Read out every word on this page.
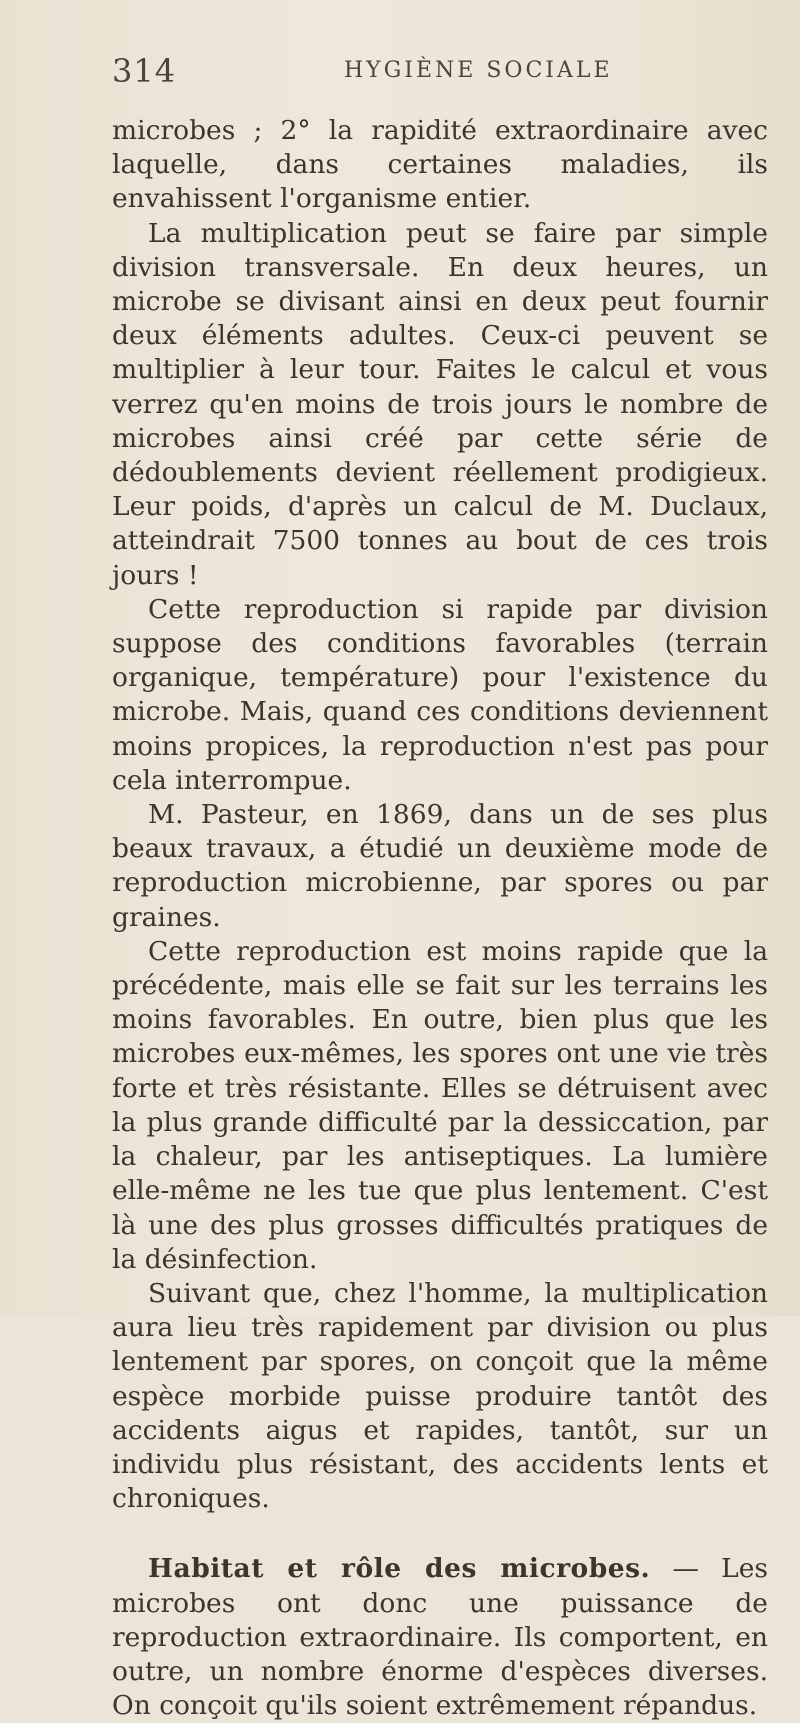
314	HYGIÈNE SOCIALE

microbes ; 2° la rapidité extraordinaire avec laquelle, dans certaines maladies, ils envahissent l'organisme entier.

La multiplication peut se faire par simple division transversale. En deux heures, un microbe se divisant ainsi en deux peut fournir deux éléments adultes. Ceux-ci peuvent se multiplier à leur tour. Faites le calcul et vous verrez qu'en moins de trois jours le nombre de microbes ainsi créé par cette série de dédoublements devient réellement prodigieux. Leur poids, d'après un calcul de M. Duclaux, atteindrait 7500 tonnes au bout de ces trois jours !

Cette reproduction si rapide par division suppose des conditions favorables (terrain organique, température) pour l'existence du microbe. Mais, quand ces conditions deviennent moins propices, la reproduction n'est pas pour cela interrompue.

M. Pasteur, en 1869, dans un de ses plus beaux travaux, a étudié un deuxième mode de reproduction microbienne, par spores ou par graines.

Cette reproduction est moins rapide que la précédente, mais elle se fait sur les terrains les moins favorables. En outre, bien plus que les microbes eux-mêmes, les spores ont une vie très forte et très résistante. Elles se détruisent avec la plus grande difficulté par la dessiccation, par la chaleur, par les antiseptiques. La lumière elle-même ne les tue que plus lentement. C'est là une des plus grosses difficultés pratiques de la désinfection.

Suivant que, chez l'homme, la multiplication aura lieu très rapidement par division ou plus lentement par spores, on conçoit que la même espèce morbide puisse produire tantôt des accidents aigus et rapides, tantôt, sur un individu plus résistant, des accidents lents et chroniques.

Habitat et rôle des microbes. — Les microbes ont donc une puissance de reproduction extraordinaire. Ils comportent, en outre, un nombre énorme d'espèces diverses. On conçoit qu'ils soient extrêmement répandus.
